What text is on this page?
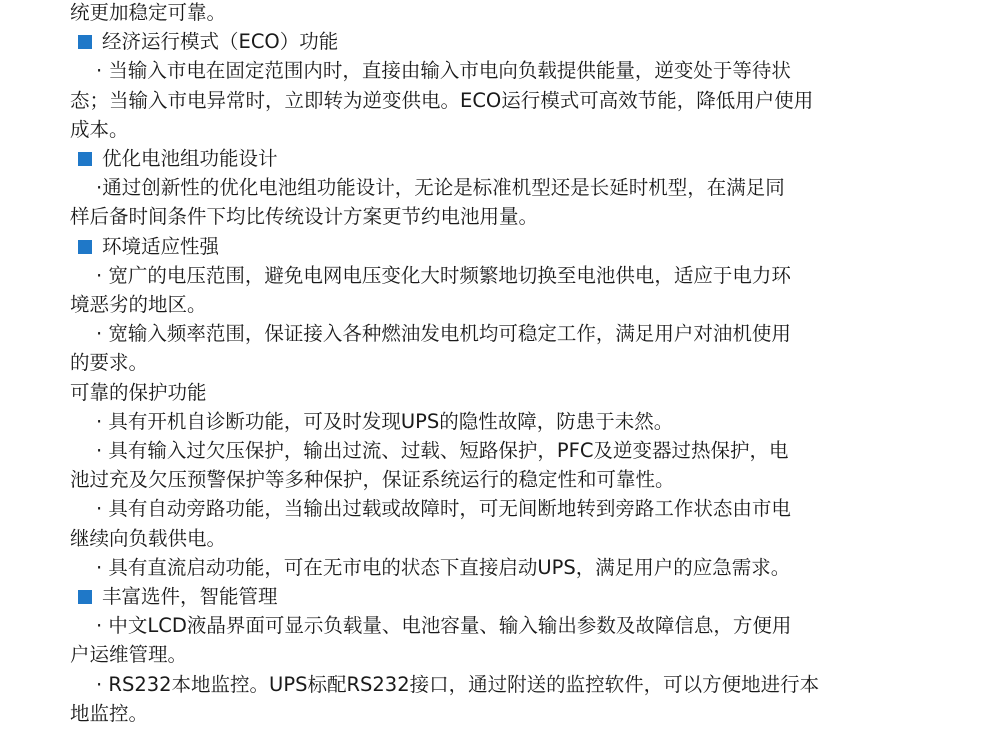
统更加稳定可靠。
经济运行模式（ECO）功能
· 当输入市电在固定范围内时，直接由输入市电向负载提供能量，逆变处于等待状
态；当输入市电异常时，立即转为逆变供电。ECO运行模式可高效节能，降低用户使用
成本。
优化电池组功能设计
·通过创新性的优化电池组功能设计，无论是标准机型还是长延时机型，在满足同
样后备时间条件下均比传统设计方案更节约电池用量。
环境适应性强
· 宽广的电压范围，避免电网电压变化大时频繁地切换至电池供电，适应于电力环
境恶劣的地区。
· 宽输入频率范围，保证接入各种燃油发电机均可稳定工作，满足用户对油机使用
的要求。
可靠的保护功能
· 具有开机自诊断功能，可及时发现UPS的隐性故障，防患于未然。
· 具有输入过欠压保护，输出过流、过载、短路保护，PFC及逆变器过热保护，电
池过充及欠压预警保护等多种保护，保证系统运行的稳定性和可靠性。
· 具有自动旁路功能，当输出过载或故障时，可无间断地转到旁路工作状态由市电
继续向负载供电。
· 具有直流启动功能，可在无市电的状态下直接启动UPS，满足用户的应急需求。
丰富选件，智能管理
· 中文LCD液晶界面可显示负载量、电池容量、输入输出参数及故障信息，方便用
户运维管理。
· RS232本地监控。UPS标配RS232接口，通过附送的监控软件，可以方便地进行本
地监控。
